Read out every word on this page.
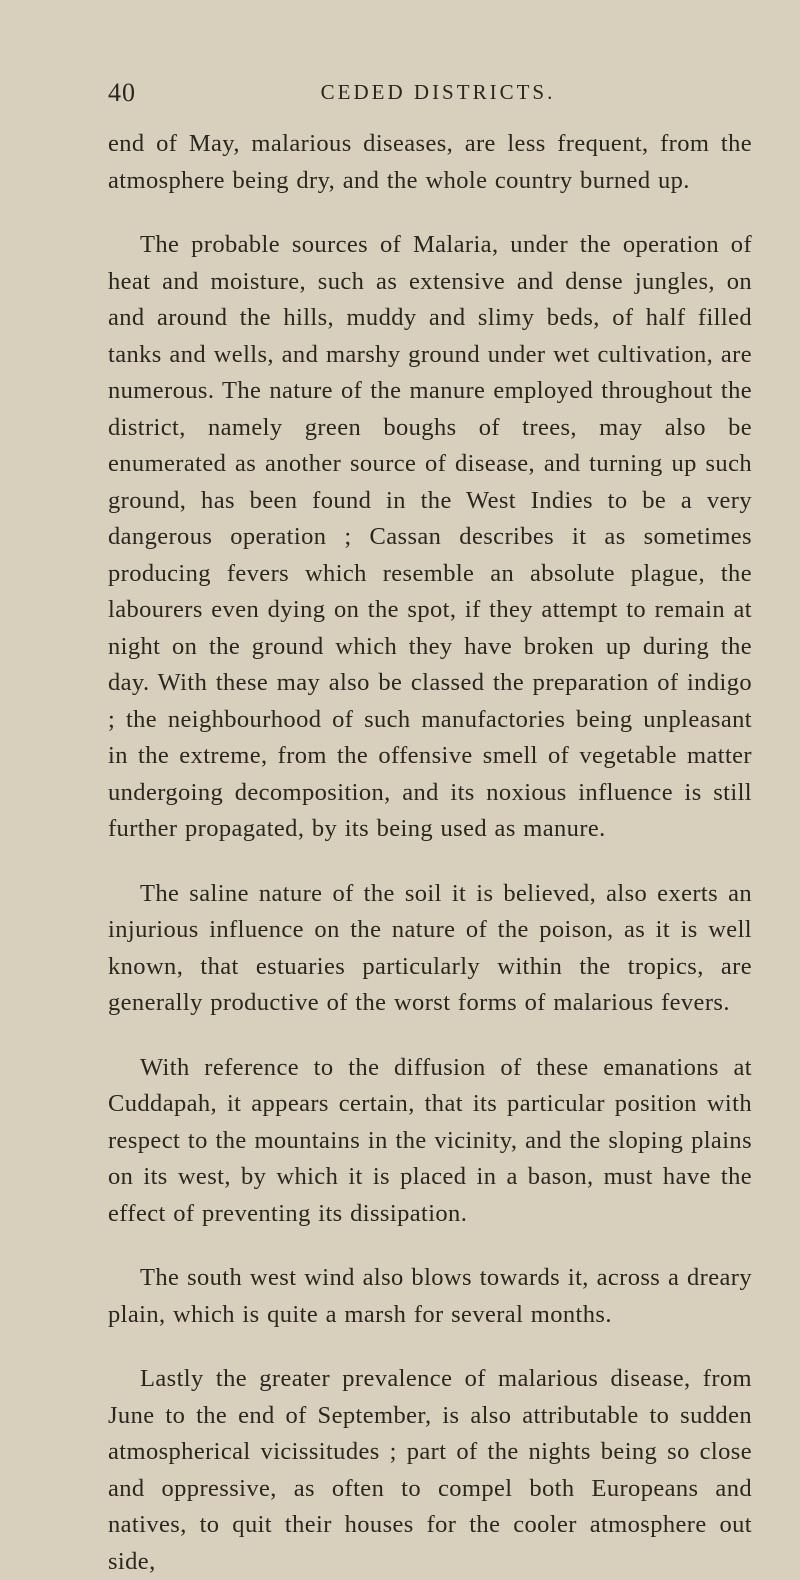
40	CEDED DISTRICTS.

end of May, malarious diseases, are less frequent, from the atmosphere being dry, and the whole country burned up.

The probable sources of Malaria, under the operation of heat and moisture, such as extensive and dense jungles, on and around the hills, muddy and slimy beds, of half filled tanks and wells, and marshy ground under wet cultivation, are numerous. The nature of the manure employed throughout the district, namely green boughs of trees, may also be enumerated as another source of disease, and turning up such ground, has been found in the West Indies to be a very dangerous operation ; Cassan describes it as sometimes producing fevers which resemble an absolute plague, the labourers even dying on the spot, if they attempt to remain at night on the ground which they have broken up during the day. With these may also be classed the preparation of indigo ; the neighbourhood of such manufactories being unpleasant in the extreme, from the offensive smell of vegetable matter undergoing decomposition, and its noxious influence is still further propagated, by its being used as manure.

The saline nature of the soil it is believed, also exerts an injurious influence on the nature of the poison, as it is well known, that estuaries particularly within the tropics, are generally productive of the worst forms of malarious fevers.

With reference to the diffusion of these emanations at Cuddapah, it appears certain, that its particular position with respect to the mountains in the vicinity, and the sloping plains on its west, by which it is placed in a bason, must have the effect of preventing its dissipation.

The south west wind also blows towards it, across a dreary plain, which is quite a marsh for several months.

Lastly the greater prevalence of malarious disease, from June to the end of September, is also attributable to sudden atmospherical vicissitudes ; part of the nights being so close and oppressive, as often to compel both Europeans and natives, to quit their houses for the cooler atmosphere out side,
